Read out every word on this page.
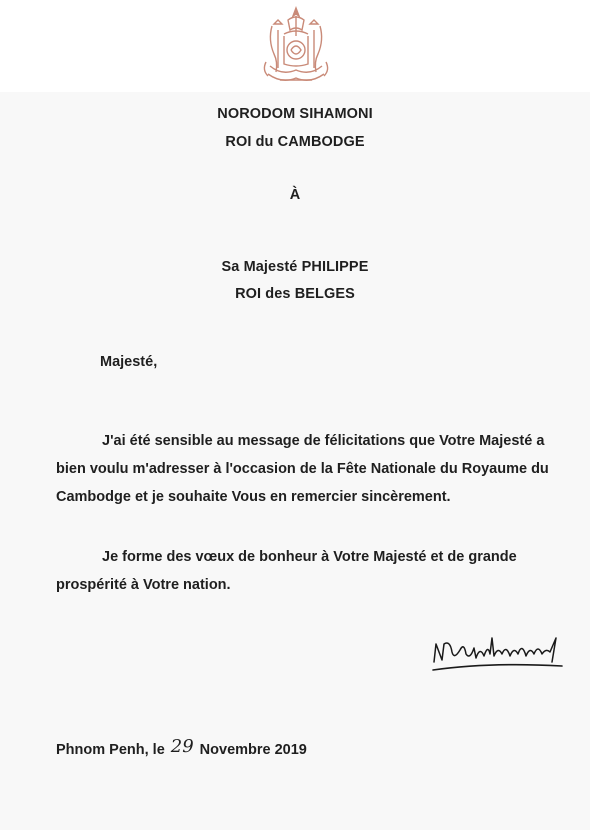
NORODOM SIHAMONI
ROI du CAMBODGE
À
Sa Majesté PHILIPPE
ROI des BELGES
Majesté,
J'ai été sensible au message de félicitations que Votre Majesté a
bien voulu m'adresser à l'occasion de la Fête Nationale du Royaume du
Cambodge et je souhaite Vous en remercier sincèrement.
Je forme des vœux de bonheur à Votre Majesté et de grande
prospérité à Votre nation.
Phnom Penh, le 29 Novembre 2019
